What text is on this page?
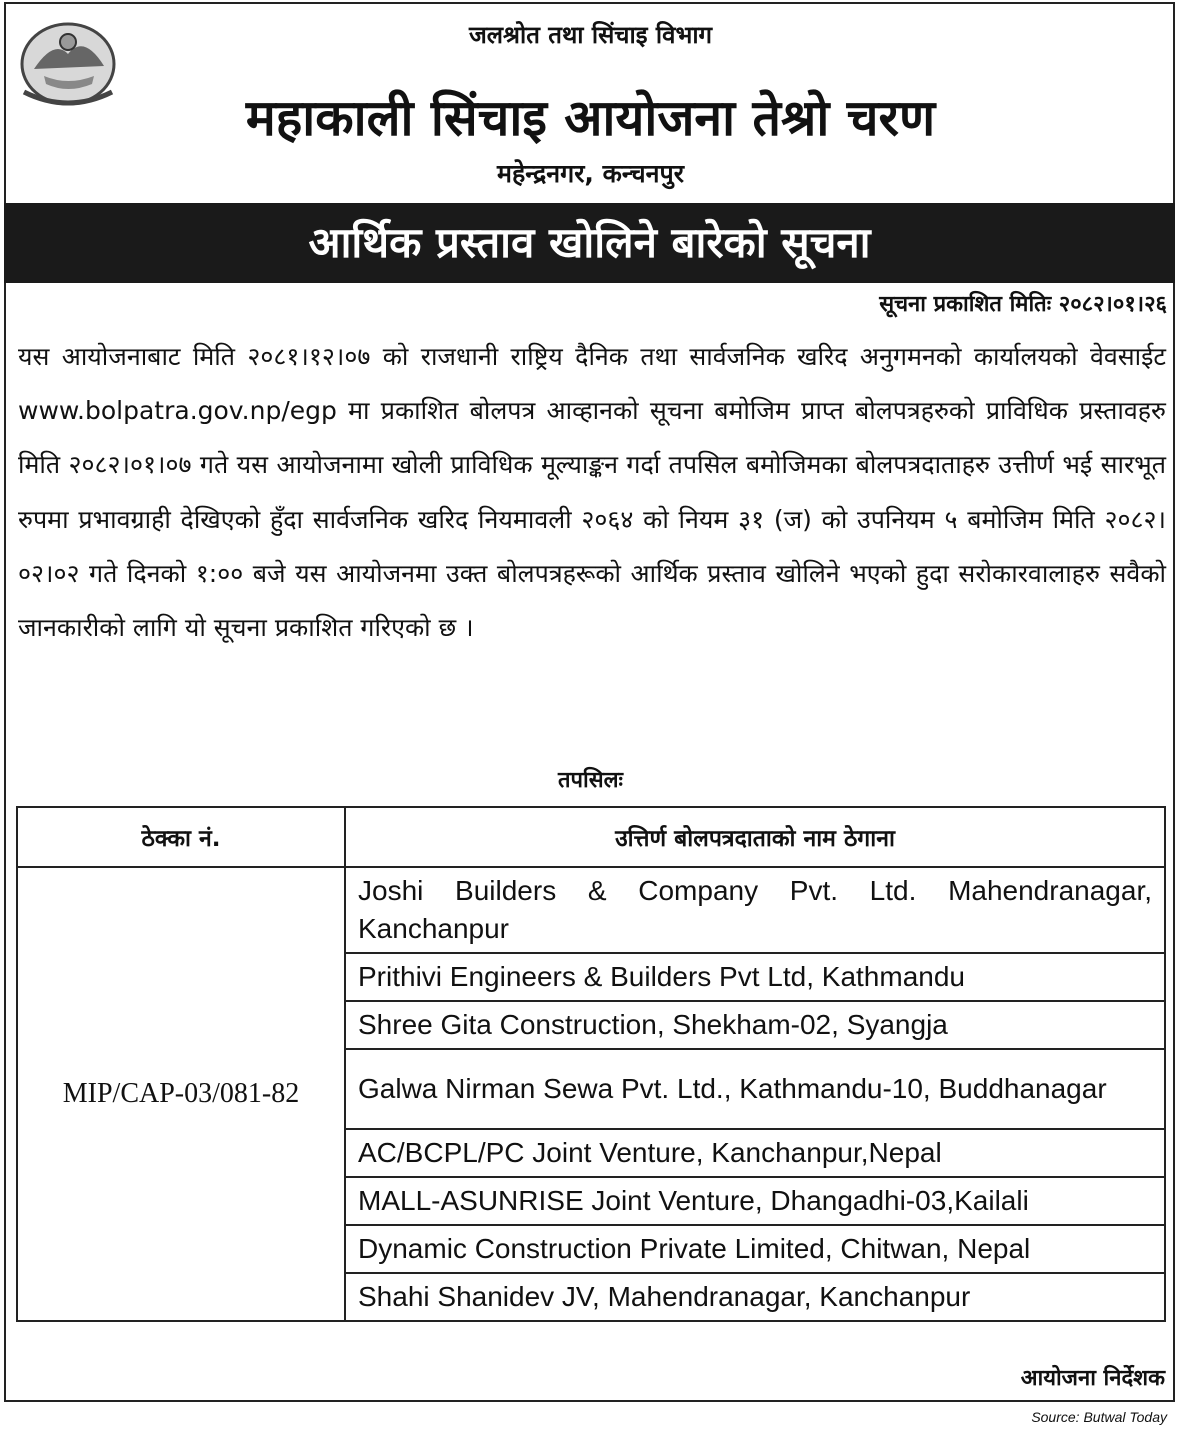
जलश्रोत तथा सिंचाइ विभाग
महाकाली सिंचाइ आयोजना तेश्रो चरण
महेन्द्रनगर, कन्चनपुर
आर्थिक प्रस्ताव खोलिने बारेको सूचना
सूचना प्रकाशित मितिः २०८२।०१।२६
यस आयोजनाबाट मिति २०८१।१२।०७ को राजधानी राष्ट्रिय दैनिक तथा सार्वजनिक खरिद अनुगमनको कार्यालयको वेवसाईट www.bolpatra.gov.np/egp मा प्रकाशित बोलपत्र आव्हानको सूचना बमोजिम प्राप्त बोलपत्रहरुको प्राविधिक प्रस्तावहरु मिति २०८२।०१।०७ गते यस आयोजनामा खोली प्राविधिक मूल्याङ्कन गर्दा तपसिल बमोजिमका बोलपत्रदाताहरु उत्तीर्ण भई सारभूत रुपमा प्रभावग्राही देखिएको हुँदा सार्वजनिक खरिद नियमावली २०६४ को नियम ३१ (ज) को उपनियम ५ बमोजिम मिति २०८२।०२।०२ गते दिनको १:०० बजे यस आयोजनमा उक्त बोलपत्रहरूको आर्थिक प्रस्ताव खोलिने भएको हुदा सरोकारवालाहरु सवैको जानकारीको लागि यो सूचना प्रकाशित गरिएको छ ।
तपसिलः
ठेक्का नं.	उत्तिर्ण बोलपत्रदाताको नाम ठेगाना
MIP/CAP-03/081-82	Joshi Builders & Company Pvt. Ltd. Mahendranagar, Kanchanpur
	Prithivi Engineers & Builders Pvt Ltd, Kathmandu
	Shree Gita Construction, Shekham-02, Syangja
	Galwa Nirman Sewa Pvt. Ltd., Kathmandu-10, Buddhanagar
	AC/BCPL/PC Joint Venture, Kanchanpur,Nepal
	MALL-ASUNRISE Joint Venture, Dhangadhi-03,Kailali
	Dynamic Construction Private Limited, Chitwan, Nepal
	Shahi Shanidev JV, Mahendranagar, Kanchanpur
आयोजना निर्देशक
Source: Butwal Today
